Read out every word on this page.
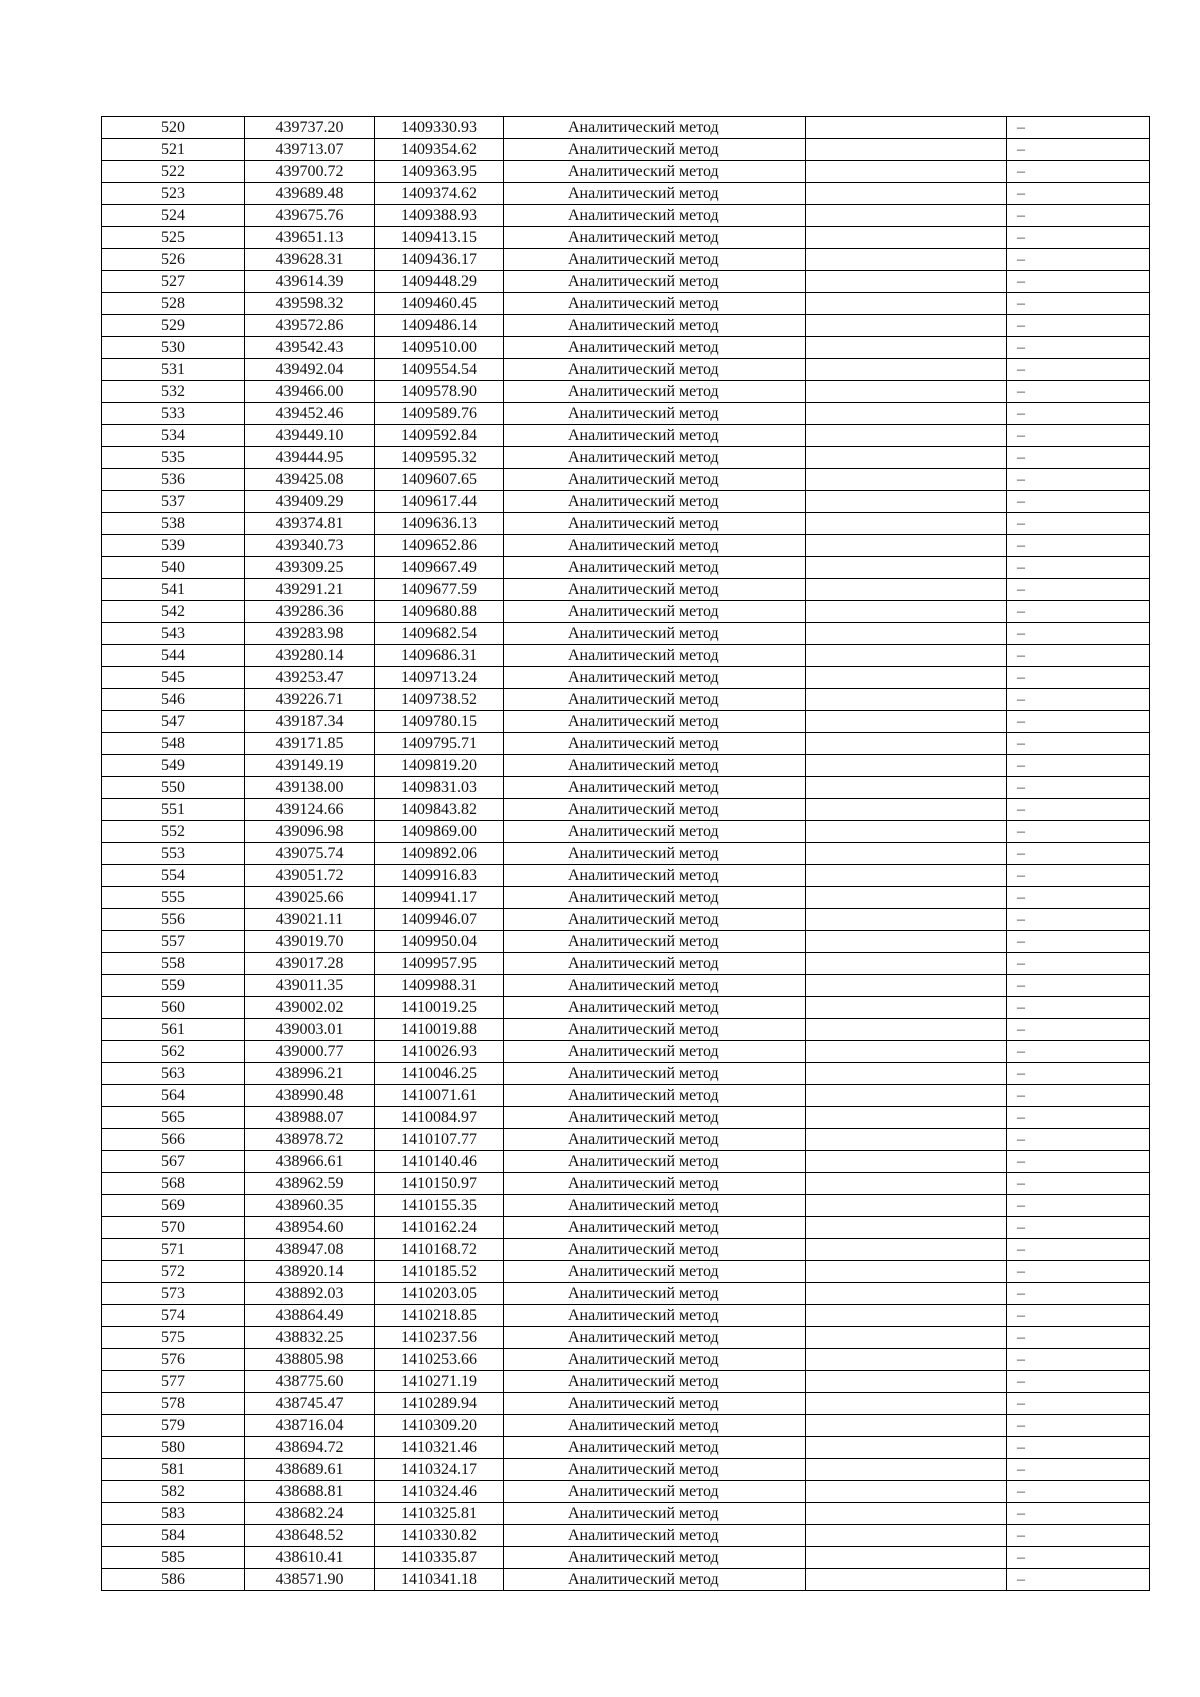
520	439737.20	1409330.93	Аналитический метод		–
521	439713.07	1409354.62	Аналитический метод		–
522	439700.72	1409363.95	Аналитический метод		–
523	439689.48	1409374.62	Аналитический метод		–
524	439675.76	1409388.93	Аналитический метод		–
525	439651.13	1409413.15	Аналитический метод		–
526	439628.31	1409436.17	Аналитический метод		–
527	439614.39	1409448.29	Аналитический метод		–
528	439598.32	1409460.45	Аналитический метод		–
529	439572.86	1409486.14	Аналитический метод		–
530	439542.43	1409510.00	Аналитический метод		–
531	439492.04	1409554.54	Аналитический метод		–
532	439466.00	1409578.90	Аналитический метод		–
533	439452.46	1409589.76	Аналитический метод		–
534	439449.10	1409592.84	Аналитический метод		–
535	439444.95	1409595.32	Аналитический метод		–
536	439425.08	1409607.65	Аналитический метод		–
537	439409.29	1409617.44	Аналитический метод		–
538	439374.81	1409636.13	Аналитический метод		–
539	439340.73	1409652.86	Аналитический метод		–
540	439309.25	1409667.49	Аналитический метод		–
541	439291.21	1409677.59	Аналитический метод		–
542	439286.36	1409680.88	Аналитический метод		–
543	439283.98	1409682.54	Аналитический метод		–
544	439280.14	1409686.31	Аналитический метод		–
545	439253.47	1409713.24	Аналитический метод		–
546	439226.71	1409738.52	Аналитический метод		–
547	439187.34	1409780.15	Аналитический метод		–
548	439171.85	1409795.71	Аналитический метод		–
549	439149.19	1409819.20	Аналитический метод		–
550	439138.00	1409831.03	Аналитический метод		–
551	439124.66	1409843.82	Аналитический метод		–
552	439096.98	1409869.00	Аналитический метод		–
553	439075.74	1409892.06	Аналитический метод		–
554	439051.72	1409916.83	Аналитический метод		–
555	439025.66	1409941.17	Аналитический метод		–
556	439021.11	1409946.07	Аналитический метод		–
557	439019.70	1409950.04	Аналитический метод		–
558	439017.28	1409957.95	Аналитический метод		–
559	439011.35	1409988.31	Аналитический метод		–
560	439002.02	1410019.25	Аналитический метод		–
561	439003.01	1410019.88	Аналитический метод		–
562	439000.77	1410026.93	Аналитический метод		–
563	438996.21	1410046.25	Аналитический метод		–
564	438990.48	1410071.61	Аналитический метод		–
565	438988.07	1410084.97	Аналитический метод		–
566	438978.72	1410107.77	Аналитический метод		–
567	438966.61	1410140.46	Аналитический метод		–
568	438962.59	1410150.97	Аналитический метод		–
569	438960.35	1410155.35	Аналитический метод		–
570	438954.60	1410162.24	Аналитический метод		–
571	438947.08	1410168.72	Аналитический метод		–
572	438920.14	1410185.52	Аналитический метод		–
573	438892.03	1410203.05	Аналитический метод		–
574	438864.49	1410218.85	Аналитический метод		–
575	438832.25	1410237.56	Аналитический метод		–
576	438805.98	1410253.66	Аналитический метод		–
577	438775.60	1410271.19	Аналитический метод		–
578	438745.47	1410289.94	Аналитический метод		–
579	438716.04	1410309.20	Аналитический метод		–
580	438694.72	1410321.46	Аналитический метод		–
581	438689.61	1410324.17	Аналитический метод		–
582	438688.81	1410324.46	Аналитический метод		–
583	438682.24	1410325.81	Аналитический метод		–
584	438648.52	1410330.82	Аналитический метод		–
585	438610.41	1410335.87	Аналитический метод		–
586	438571.90	1410341.18	Аналитический метод		–
